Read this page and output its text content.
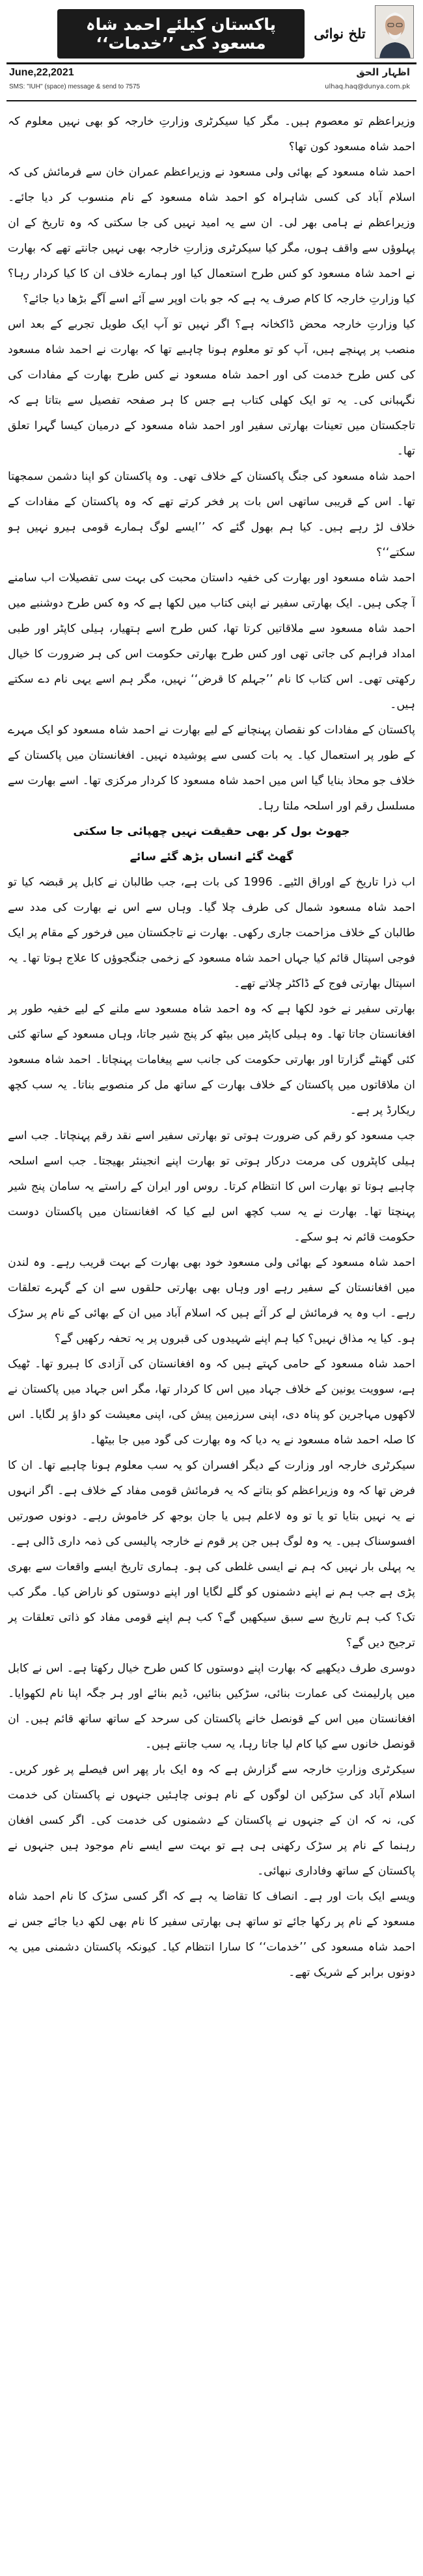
تلخ نوائی
پاکستان کیلئے احمد شاہ مسعود کی ’’خدمات‘‘
اظہار الحق
ulhaq.haq@dunya.com.pk
June,22,2021
SMS: "IUH" (space) message & send to 7575

وزیراعظم تو معصوم ہیں۔ مگر کیا سیکرٹری وزارتِ خارجہ کو بھی نہیں معلوم کہ احمد شاہ مسعود کون تھا؟

احمد شاہ مسعود کے بھائی ولی مسعود نے وزیراعظم عمران خان سے فرمائش کی کہ اسلام آباد کی کسی شاہراہ کو احمد شاہ مسعود کے نام منسوب کر دیا جائے۔ وزیراعظم نے ہامی بھر لی۔ ان سے یہ امید نہیں کی جا سکتی کہ وہ تاریخ کے ان پہلوؤں سے واقف ہوں، مگر کیا سیکرٹری وزارتِ خارجہ بھی نہیں جانتے تھے کہ بھارت نے احمد شاہ مسعود کو کس طرح استعمال کیا اور ہمارے خلاف ان کا کیا کردار رہا؟ کیا وزارتِ خارجہ کا کام صرف یہ ہے کہ جو بات اوپر سے آئے اسے آگے بڑھا دیا جائے؟

کیا وزارتِ خارجہ محض ڈاکخانہ ہے؟ اگر نہیں تو آپ ایک طویل تجربے کے بعد اس منصب پر پہنچے ہیں، آپ کو تو معلوم ہونا چاہیے تھا کہ بھارت نے احمد شاہ مسعود کی کس طرح خدمت کی اور احمد شاہ مسعود نے کس طرح بھارت کے مفادات کی نگہبانی کی۔ یہ تو ایک کھلی کتاب ہے جس کا ہر صفحہ تفصیل سے بتاتا ہے کہ تاجکستان میں تعینات بھارتی سفیر اور احمد شاہ مسعود کے درمیان کیسا گہرا تعلق تھا۔

احمد شاہ مسعود کی جنگ پاکستان کے خلاف تھی۔ وہ پاکستان کو اپنا دشمن سمجھتا تھا۔ اس کے قریبی ساتھی اس بات پر فخر کرتے تھے کہ وہ پاکستان کے مفادات کے خلاف لڑ رہے ہیں۔ کیا ہم بھول گئے کہ ’’ایسے لوگ ہمارے قومی ہیرو نہیں ہو سکتے‘‘؟

احمد شاہ مسعود اور بھارت کی خفیہ داستان محبت کی بہت سی تفصیلات اب سامنے آ چکی ہیں۔ ایک بھارتی سفیر نے اپنی کتاب میں لکھا ہے کہ وہ کس طرح دوشنبے میں احمد شاہ مسعود سے ملاقاتیں کرتا تھا، کس طرح اسے ہتھیار، ہیلی کاپٹر اور طبی امداد فراہم کی جاتی تھی اور کس طرح بھارتی حکومت اس کی ہر ضرورت کا خیال رکھتی تھی۔ اس کتاب کا نام ’’جہلم کا قرض‘‘ نہیں، مگر ہم اسے یہی نام دے سکتے ہیں۔

پاکستان کے مفادات کو نقصان پہنچانے کے لیے بھارت نے احمد شاہ مسعود کو ایک مہرے کے طور پر استعمال کیا۔ یہ بات کسی سے پوشیدہ نہیں۔ افغانستان میں پاکستان کے خلاف جو محاذ بنایا گیا اس میں احمد شاہ مسعود کا کردار مرکزی تھا۔ اسے بھارت سے مسلسل رقم اور اسلحہ ملتا رہا۔

جھوٹ بول کر بھی حقیقت نہیں چھپائی جا سکتی

گھٹ گئے انساں بڑھ گئے سائے

اب ذرا تاریخ کے اوراق الٹیے۔ 1996 کی بات ہے، جب طالبان نے کابل پر قبضہ کیا تو احمد شاہ مسعود شمال کی طرف چلا گیا۔ وہاں سے اس نے بھارت کی مدد سے طالبان کے خلاف مزاحمت جاری رکھی۔ بھارت نے تاجکستان میں فرخور کے مقام پر ایک فوجی اسپتال قائم کیا جہاں احمد شاہ مسعود کے زخمی جنگجوؤں کا علاج ہوتا تھا۔ یہ اسپتال بھارتی فوج کے ڈاکٹر چلاتے تھے۔

بھارتی سفیر نے خود لکھا ہے کہ وہ احمد شاہ مسعود سے ملنے کے لیے خفیہ طور پر افغانستان جاتا تھا۔ وہ ہیلی کاپٹر میں بیٹھ کر پنج شیر جاتا، وہاں مسعود کے ساتھ کئی کئی گھنٹے گزارتا اور بھارتی حکومت کی جانب سے پیغامات پہنچاتا۔ احمد شاہ مسعود ان ملاقاتوں میں پاکستان کے خلاف بھارت کے ساتھ مل کر منصوبے بناتا۔ یہ سب کچھ ریکارڈ پر ہے۔

جب مسعود کو رقم کی ضرورت ہوتی تو بھارتی سفیر اسے نقد رقم پہنچاتا۔ جب اسے ہیلی کاپٹروں کی مرمت درکار ہوتی تو بھارت اپنے انجینئر بھیجتا۔ جب اسے اسلحہ چاہیے ہوتا تو بھارت اس کا انتظام کرتا۔ روس اور ایران کے راستے یہ سامان پنج شیر پہنچتا تھا۔ بھارت نے یہ سب کچھ اس لیے کیا کہ افغانستان میں پاکستان دوست حکومت قائم نہ ہو سکے۔

احمد شاہ مسعود کے بھائی ولی مسعود خود بھی بھارت کے بہت قریب رہے۔ وہ لندن میں افغانستان کے سفیر رہے اور وہاں بھی بھارتی حلقوں سے ان کے گہرے تعلقات رہے۔ اب وہ یہ فرمائش لے کر آئے ہیں کہ اسلام آباد میں ان کے بھائی کے نام پر سڑک ہو۔ کیا یہ مذاق نہیں؟ کیا ہم اپنے شہیدوں کی قبروں پر یہ تحفہ رکھیں گے؟

احمد شاہ مسعود کے حامی کہتے ہیں کہ وہ افغانستان کی آزادی کا ہیرو تھا۔ ٹھیک ہے، سوویت یونین کے خلاف جہاد میں اس کا کردار تھا، مگر اس جہاد میں پاکستان نے لاکھوں مہاجرین کو پناہ دی، اپنی سرزمین پیش کی، اپنی معیشت کو داؤ پر لگایا۔ اس کا صلہ احمد شاہ مسعود نے یہ دیا کہ وہ بھارت کی گود میں جا بیٹھا۔

سیکرٹری خارجہ اور وزارت کے دیگر افسران کو یہ سب معلوم ہونا چاہیے تھا۔ ان کا فرض تھا کہ وہ وزیراعظم کو بتاتے کہ یہ فرمائش قومی مفاد کے خلاف ہے۔ اگر انہوں نے یہ نہیں بتایا تو یا تو وہ لاعلم ہیں یا جان بوجھ کر خاموش رہے۔ دونوں صورتیں افسوسناک ہیں۔ یہ وہ لوگ ہیں جن پر قوم نے خارجہ پالیسی کی ذمہ داری ڈالی ہے۔

یہ پہلی بار نہیں کہ ہم نے ایسی غلطی کی ہو۔ ہماری تاریخ ایسے واقعات سے بھری پڑی ہے جب ہم نے اپنے دشمنوں کو گلے لگایا اور اپنے دوستوں کو ناراض کیا۔ مگر کب تک؟ کب ہم تاریخ سے سبق سیکھیں گے؟ کب ہم اپنے قومی مفاد کو ذاتی تعلقات پر ترجیح دیں گے؟

دوسری طرف دیکھیے کہ بھارت اپنے دوستوں کا کس طرح خیال رکھتا ہے۔ اس نے کابل میں پارلیمنٹ کی عمارت بنائی، سڑکیں بنائیں، ڈیم بنائے اور ہر جگہ اپنا نام لکھوایا۔ افغانستان میں اس کے قونصل خانے پاکستان کی سرحد کے ساتھ ساتھ قائم ہیں۔ ان قونصل خانوں سے کیا کام لیا جاتا رہا، یہ سب جانتے ہیں۔

سیکرٹری وزارتِ خارجہ سے گزارش ہے کہ وہ ایک بار پھر اس فیصلے پر غور کریں۔ اسلام آباد کی سڑکیں ان لوگوں کے نام ہونی چاہئیں جنہوں نے پاکستان کی خدمت کی، نہ کہ ان کے جنہوں نے پاکستان کے دشمنوں کی خدمت کی۔ اگر کسی افغان رہنما کے نام پر سڑک رکھنی ہی ہے تو بہت سے ایسے نام موجود ہیں جنہوں نے پاکستان کے ساتھ وفاداری نبھائی۔

ویسے ایک بات اور ہے۔ انصاف کا تقاضا یہ ہے کہ اگر کسی سڑک کا نام احمد شاہ مسعود کے نام پر رکھا جائے تو ساتھ ہی بھارتی سفیر کا نام بھی لکھ دیا جائے جس نے احمد شاہ مسعود کی ’’خدمات‘‘ کا سارا انتظام کیا۔ کیونکہ پاکستان دشمنی میں یہ دونوں برابر کے شریک تھے۔
